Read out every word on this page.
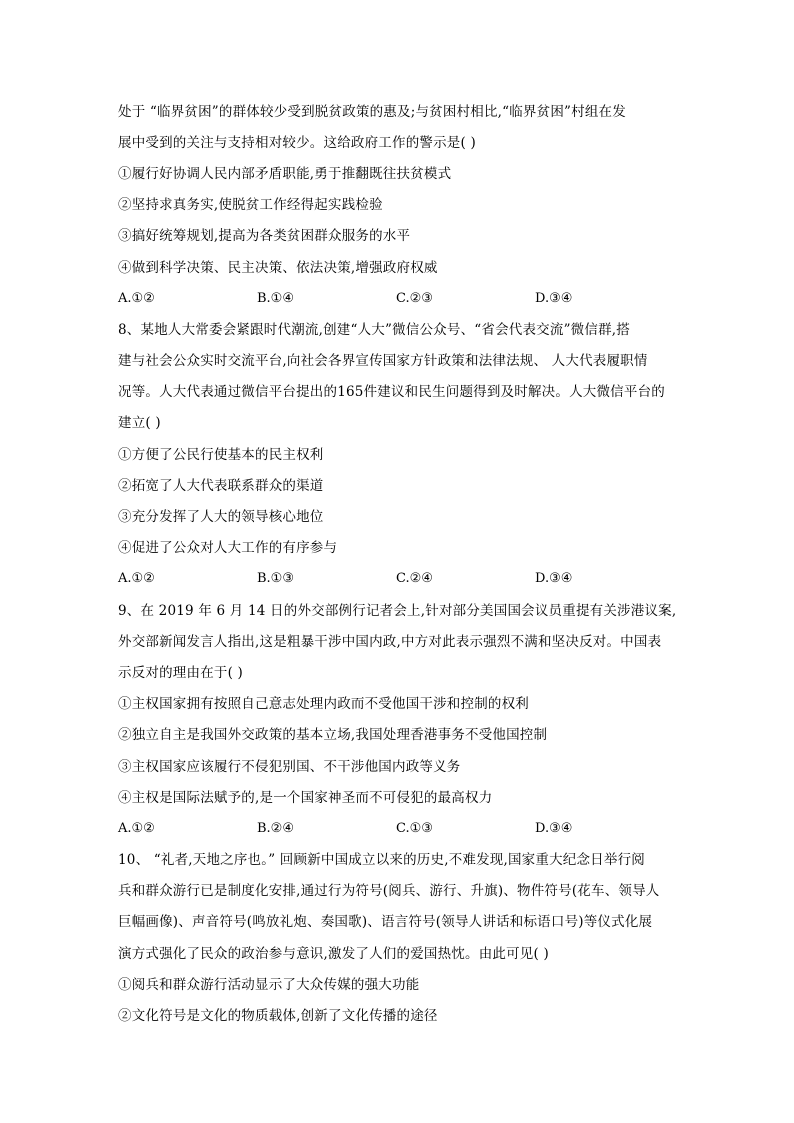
处于 “临界贫困”的群体较少受到脱贫政策的惠及;与贫困村相比,“临界贫困”村组在发
展中受到的关注与支持相对较少。这给政府工作的警示是( )
①履行好协调人民内部矛盾职能,勇于推翻既往扶贫模式
②坚持求真务实,使脱贫工作经得起实践检验
③搞好统筹规划,提高为各类贫困群众服务的水平
④做到科学决策、民主决策、依法决策,增强政府权威
A.①②	B.①④	C.②③	D.③④
8、某地人大常委会紧跟时代潮流,创建“人大”微信公众号、“省会代表交流”微信群,搭
建与社会公众实时交流平台,向社会各界宣传国家方针政策和法律法规、 人大代表履职情
况等。人大代表通过微信平台提出的165件建议和民生问题得到及时解决。人大微信平台的
建立( )
①方便了公民行使基本的民主权利
②拓宽了人大代表联系群众的渠道
③充分发挥了人大的领导核心地位
④促进了公众对人大工作的有序参与
A.①②	B.①③	C.②④	D.③④
9、在 2019 年 6 月 14 日的外交部例行记者会上,针对部分美国国会议员重提有关涉港议案,
外交部新闻发言人指出,这是粗暴干涉中国内政,中方对此表示强烈不满和坚决反对。中国表
示反对的理由在于( )
①主权国家拥有按照自己意志处理内政而不受他国干涉和控制的权利
②独立自主是我国外交政策的基本立场,我国处理香港事务不受他国控制
③主权国家应该履行不侵犯别国、不干涉他国内政等义务
④主权是国际法赋予的,是一个国家神圣而不可侵犯的最高权力
A.①②	B.②④	C.①③	D.③④
10、 “礼者,天地之序也。” 回顾新中国成立以来的历史,不难发现,国家重大纪念日举行阅
兵和群众游行已是制度化安排,通过行为符号(阅兵、游行、升旗)、物件符号(花车、领导人
巨幅画像)、声音符号(鸣放礼炮、奏国歌)、语言符号(领导人讲话和标语口号)等仪式化展
演方式强化了民众的政治参与意识,激发了人们的爱国热忱。由此可见( )
①阅兵和群众游行活动显示了大众传媒的强大功能
②文化符号是文化的物质载体,创新了文化传播的途径
